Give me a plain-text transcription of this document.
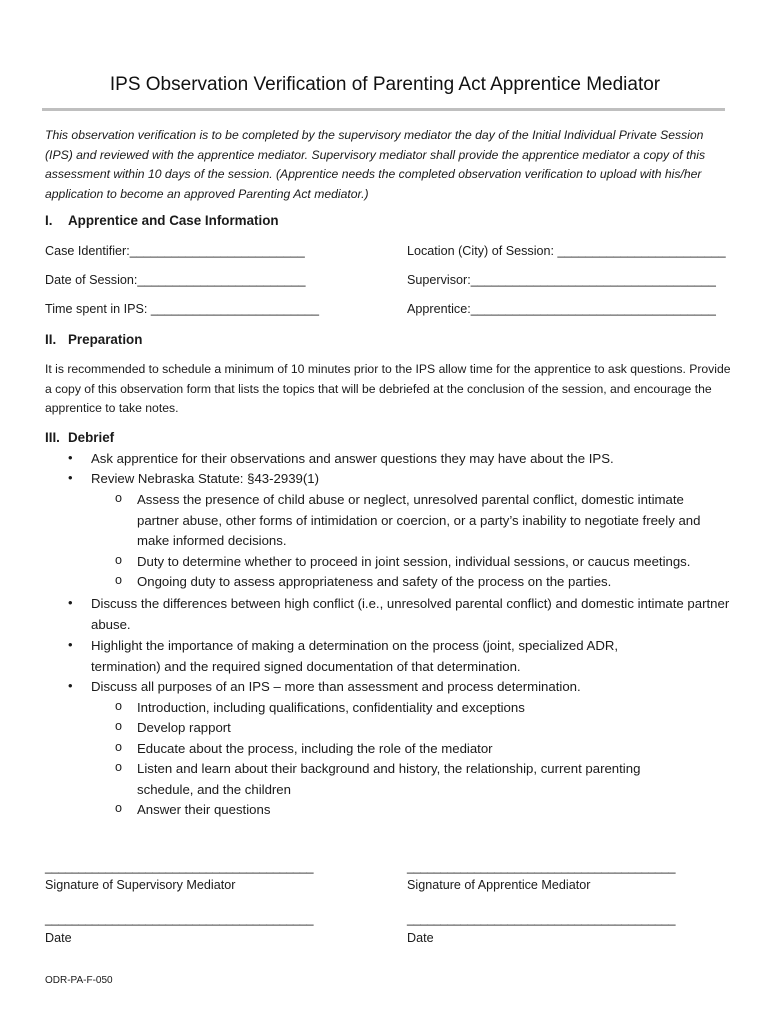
IPS Observation Verification of Parenting Act Apprentice Mediator
This observation verification is to be completed by the supervisory mediator the day of the Initial Individual Private Session (IPS) and reviewed with the apprentice mediator. Supervisory mediator shall provide the apprentice mediator a copy of this assessment within 10 days of the session. (Apprentice needs the completed observation verification to upload with his/her application to become an approved Parenting Act mediator.)
I. Apprentice and Case Information
Case Identifier:_________________________	Location (City) of Session: ________________________
Date of Session:________________________	Supervisor:___________________________________
Time spent in IPS: ________________________	Apprentice:___________________________________
II. Preparation
It is recommended to schedule a minimum of 10 minutes prior to the IPS allow time for the apprentice to ask questions. Provide a copy of this observation form that lists the topics that will be debriefed at the conclusion of the session, and encourage the apprentice to take notes.
III. Debrief
• Ask apprentice for their observations and answer questions they may have about the IPS.
• Review Nebraska Statute: §43-2939(1)
o Assess the presence of child abuse or neglect, unresolved parental conflict, domestic intimate partner abuse, other forms of intimidation or coercion, or a party’s inability to negotiate freely and make informed decisions.
o Duty to determine whether to proceed in joint session, individual sessions, or caucus meetings.
o Ongoing duty to assess appropriateness and safety of the process on the parties.
• Discuss the differences between high conflict (i.e., unresolved parental conflict) and domestic intimate partner abuse.
• Highlight the importance of making a determination on the process (joint, specialized ADR, termination) and the required signed documentation of that determination.
• Discuss all purposes of an IPS – more than assessment and process determination.
o Introduction, including qualifications, confidentiality and exceptions
o Develop rapport
o Educate about the process, including the role of the mediator
o Listen and learn about their background and history, the relationship, current parenting schedule, and the children
o Answer their questions
________________________________________	________________________________________
Signature of Supervisory Mediator	Signature of Apprentice Mediator
________________________________________	________________________________________
Date	Date
ODR-PA-F-050
